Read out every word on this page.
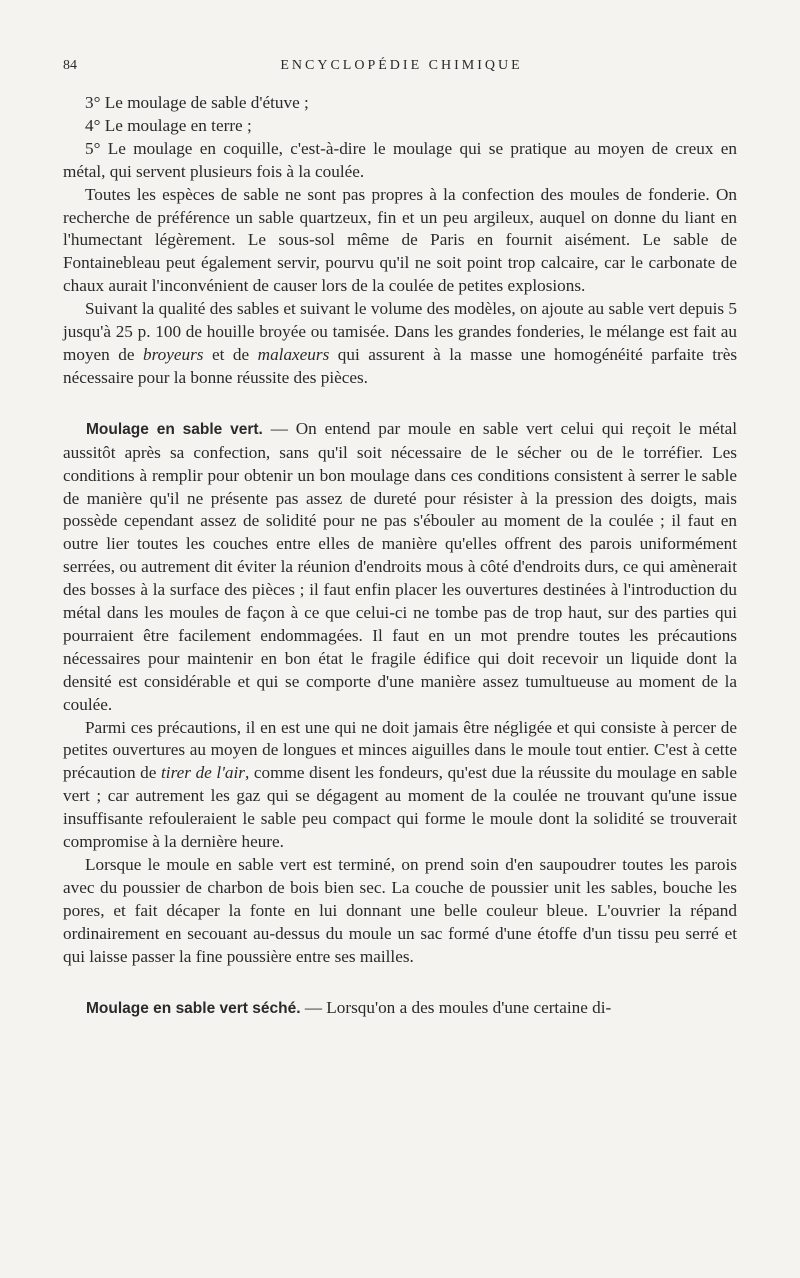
84	ENCYCLOPÉDIE CHIMIQUE

3° Le moulage de sable d'étuve ;

4° Le moulage en terre ;

5° Le moulage en coquille, c'est-à-dire le moulage qui se pratique au moyen de creux en métal, qui servent plusieurs fois à la coulée.

Toutes les espèces de sable ne sont pas propres à la confection des moules de fonderie. On recherche de préférence un sable quartzeux, fin et un peu argileux, auquel on donne du liant en l'humectant légèrement. Le sous-sol même de Paris en fournit aisément. Le sable de Fontainebleau peut également servir, pourvu qu'il ne soit point trop calcaire, car le carbonate de chaux aurait l'inconvénient de causer lors de la coulée de petites explosions.

Suivant la qualité des sables et suivant le volume des modèles, on ajoute au sable vert depuis 5 jusqu'à 25 p. 100 de houille broyée ou tamisée. Dans les grandes fonderies, le mélange est fait au moyen de broyeurs et de malaxeurs qui assurent à la masse une homogénéité parfaite très nécessaire pour la bonne réussite des pièces.

Moulage en sable vert. — On entend par moule en sable vert celui qui reçoit le métal aussitôt après sa confection, sans qu'il soit nécessaire de le sécher ou de le torréfier. Les conditions à remplir pour obtenir un bon moulage dans ces conditions consistent à serrer le sable de manière qu'il ne présente pas assez de dureté pour résister à la pression des doigts, mais possède cependant assez de solidité pour ne pas s'ébouler au moment de la coulée ; il faut en outre lier toutes les couches entre elles de manière qu'elles offrent des parois uniformément serrées, ou autrement dit éviter la réunion d'endroits mous à côté d'endroits durs, ce qui amènerait des bosses à la surface des pièces ; il faut enfin placer les ouvertures destinées à l'introduction du métal dans les moules de façon à ce que celui-ci ne tombe pas de trop haut, sur des parties qui pourraient être facilement endommagées. Il faut en un mot prendre toutes les précautions nécessaires pour maintenir en bon état le fragile édifice qui doit recevoir un liquide dont la densité est considérable et qui se comporte d'une manière assez tumultueuse au moment de la coulée.

Parmi ces précautions, il en est une qui ne doit jamais être négligée et qui consiste à percer de petites ouvertures au moyen de longues et minces aiguilles dans le moule tout entier. C'est à cette précaution de tirer de l'air, comme disent les fondeurs, qu'est due la réussite du moulage en sable vert ; car autrement les gaz qui se dégagent au moment de la coulée ne trouvant qu'une issue insuffisante refouleraient le sable peu compact qui forme le moule dont la solidité se trouverait compromise à la dernière heure.

Lorsque le moule en sable vert est terminé, on prend soin d'en saupoudrer toutes les parois avec du poussier de charbon de bois bien sec. La couche de poussier unit les sables, bouche les pores, et fait décaper la fonte en lui donnant une belle couleur bleue. L'ouvrier la répand ordinairement en secouant au-dessus du moule un sac formé d'une étoffe d'un tissu peu serré et qui laisse passer la fine poussière entre ses mailles.

Moulage en sable vert séché. — Lorsqu'on a des moules d'une certaine di-
